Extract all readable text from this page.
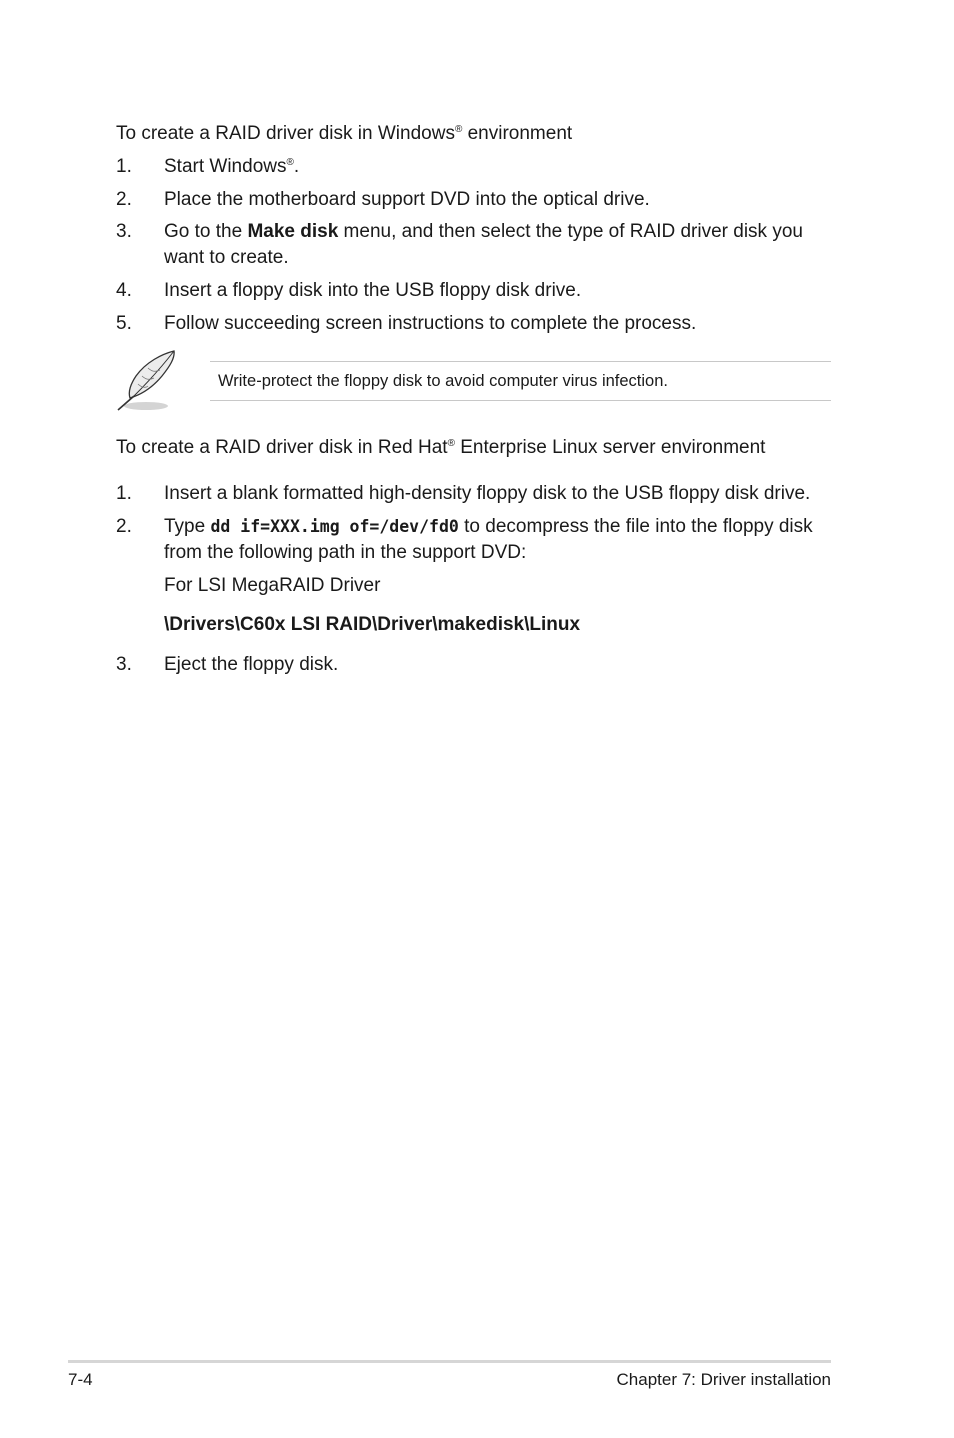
To create a RAID driver disk in Windows® environment
1. Start Windows®.
2. Place the motherboard support DVD into the optical drive.
3. Go to the Make disk menu, and then select the type of RAID driver disk you want to create.
4. Insert a floppy disk into the USB floppy disk drive.
5. Follow succeeding screen instructions to complete the process.
Write-protect the floppy disk to avoid computer virus infection.
To create a RAID driver disk in Red Hat® Enterprise Linux server environment
1. Insert a blank formatted high-density floppy disk to the USB floppy disk drive.
2. Type dd if=XXX.img of=/dev/fd0 to decompress the file into the floppy disk from the following path in the support DVD:
For LSI MegaRAID Driver
\Drivers\C60x LSI RAID\Driver\makedisk\Linux
3. Eject the floppy disk.
7-4	Chapter 7: Driver installation
